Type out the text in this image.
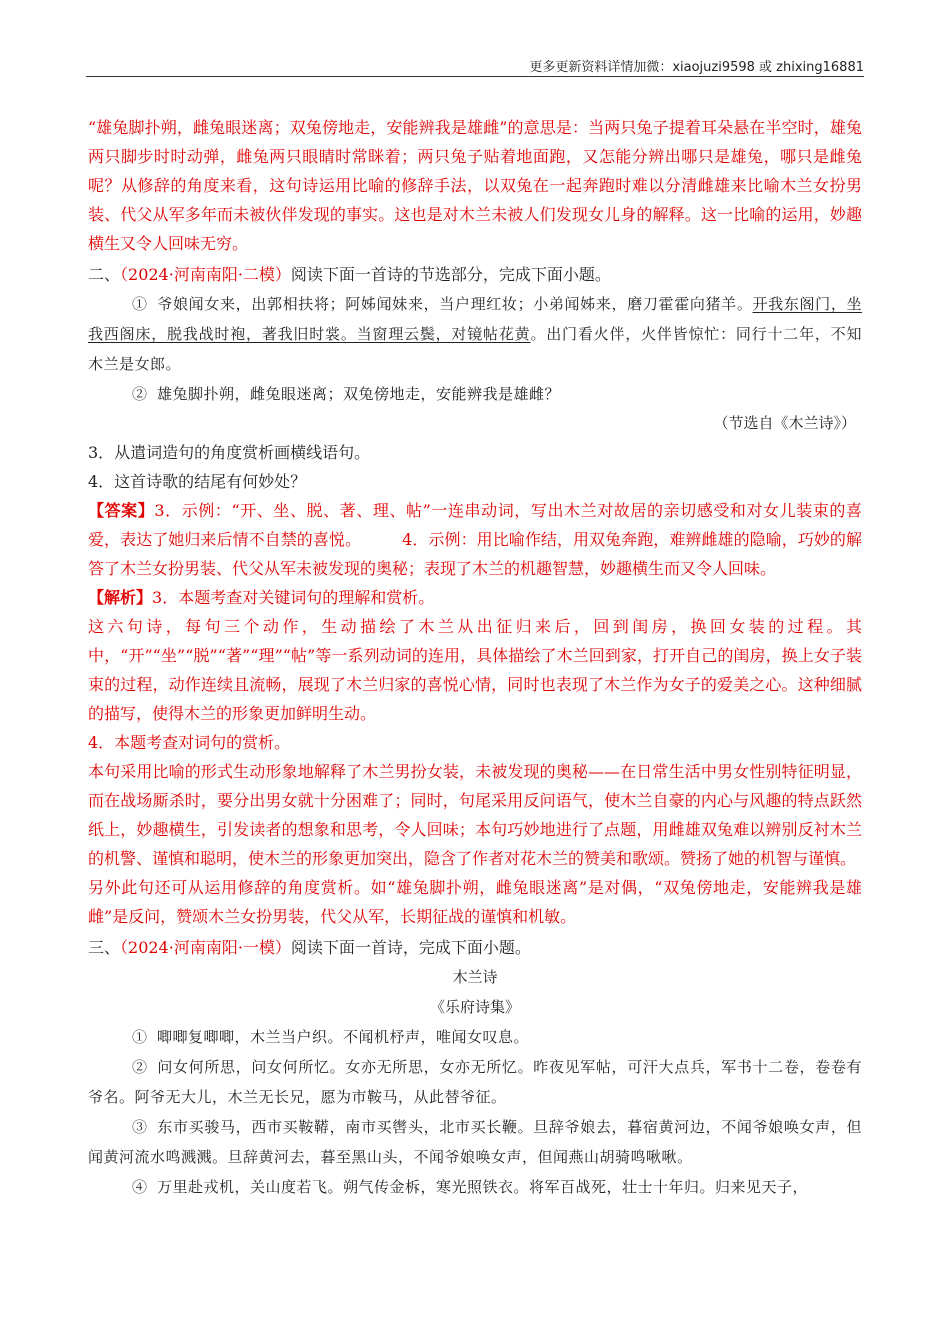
更多更新资料详情加微：xiaojuzi9598 或 zhixing16881

“雄兔脚扑朔，雌兔眼迷离；双兔傍地走，安能辨我是雄雌”的意思是：当两只兔子提着耳朵悬在半空时，雄兔两只脚步时时动弹，雌兔两只眼睛时常眯着；两只兔子贴着地面跑，又怎能分辨出哪只是雄兔，哪只是雌兔呢？从修辞的角度来看，这句诗运用比喻的修辞手法，以双兔在一起奔跑时难以分清雌雄来比喻木兰女扮男装、代父从军多年而未被伙伴发现的事实。这也是对木兰未被人们发现女儿身的解释。这一比喻的运用，妙趣横生又令人回味无穷。

二、（2024·河南南阳·二模）阅读下面一首诗的节选部分，完成下面小题。

① 爷娘闻女来，出郭相扶将；阿姊闻妹来，当户理红妆；小弟闻姊来，磨刀霍霍向猪羊。开我东阁门，坐我西阁床，脱我战时袍，著我旧时裳。当窗理云鬓，对镜帖花黄。出门看火伴，火伴皆惊忙：同行十二年，不知木兰是女郎。

② 雄兔脚扑朔，雌兔眼迷离；双兔傍地走，安能辨我是雄雌？

（节选自《木兰诗》）

3．从遣词造句的角度赏析画横线语句。

4．这首诗歌的结尾有何妙处？

【答案】3．示例：“开、坐、脱、著、理、帖”一连串动词，写出木兰对故居的亲切感受和对女儿装束的喜爱，表达了她归来后情不自禁的喜悦。	4．示例：用比喻作结，用双兔奔跑，难辨雌雄的隐喻，巧妙的解答了木兰女扮男装、代父从军未被发现的奥秘；表现了木兰的机趣智慧，妙趣横生而又令人回味。

【解析】3．本题考查对关键词句的理解和赏析。

这六句诗，每句三个动作，生动描绘了木兰从出征归来后，回到闺房，换回女装的过程。其中，“开”“坐”“脱”“著”“理”“帖”等一系列动词的连用，具体描绘了木兰回到家，打开自己的闺房，换上女子装束的过程，动作连续且流畅，展现了木兰归家的喜悦心情，同时也表现了木兰作为女子的爱美之心。这种细腻的描写，使得木兰的形象更加鲜明生动。

4．本题考查对词句的赏析。

本句采用比喻的形式生动形象地解释了木兰男扮女装，未被发现的奥秘——在日常生活中男女性别特征明显，而在战场厮杀时，要分出男女就十分困难了；同时，句尾采用反问语气，使木兰自豪的内心与风趣的特点跃然纸上，妙趣横生，引发读者的想象和思考，令人回味；本句巧妙地进行了点题，用雌雄双兔难以辨别反衬木兰的机警、谨慎和聪明，使木兰的形象更加突出，隐含了作者对花木兰的赞美和歌颂。赞扬了她的机智与谨慎。

另外此句还可从运用修辞的角度赏析。如“雄兔脚扑朔，雌兔眼迷离”是对偶，“双兔傍地走，安能辨我是雄雌”是反问，赞颂木兰女扮男装，代父从军，长期征战的谨慎和机敏。

三、（2024·河南南阳·一模）阅读下面一首诗，完成下面小题。

木兰诗

《乐府诗集》

① 唧唧复唧唧，木兰当户织。不闻机杼声，唯闻女叹息。

② 问女何所思，问女何所忆。女亦无所思，女亦无所忆。昨夜见军帖，可汗大点兵，军书十二卷，卷卷有爷名。阿爷无大儿，木兰无长兄，愿为市鞍马，从此替爷征。

③ 东市买骏马，西市买鞍鞯，南市买辔头，北市买长鞭。旦辞爷娘去，暮宿黄河边，不闻爷娘唤女声，但闻黄河流水鸣溅溅。旦辞黄河去，暮至黑山头，不闻爷娘唤女声，但闻燕山胡骑鸣啾啾。

④ 万里赴戎机，关山度若飞。朔气传金柝，寒光照铁衣。将军百战死，壮士十年归。归来见天子，
